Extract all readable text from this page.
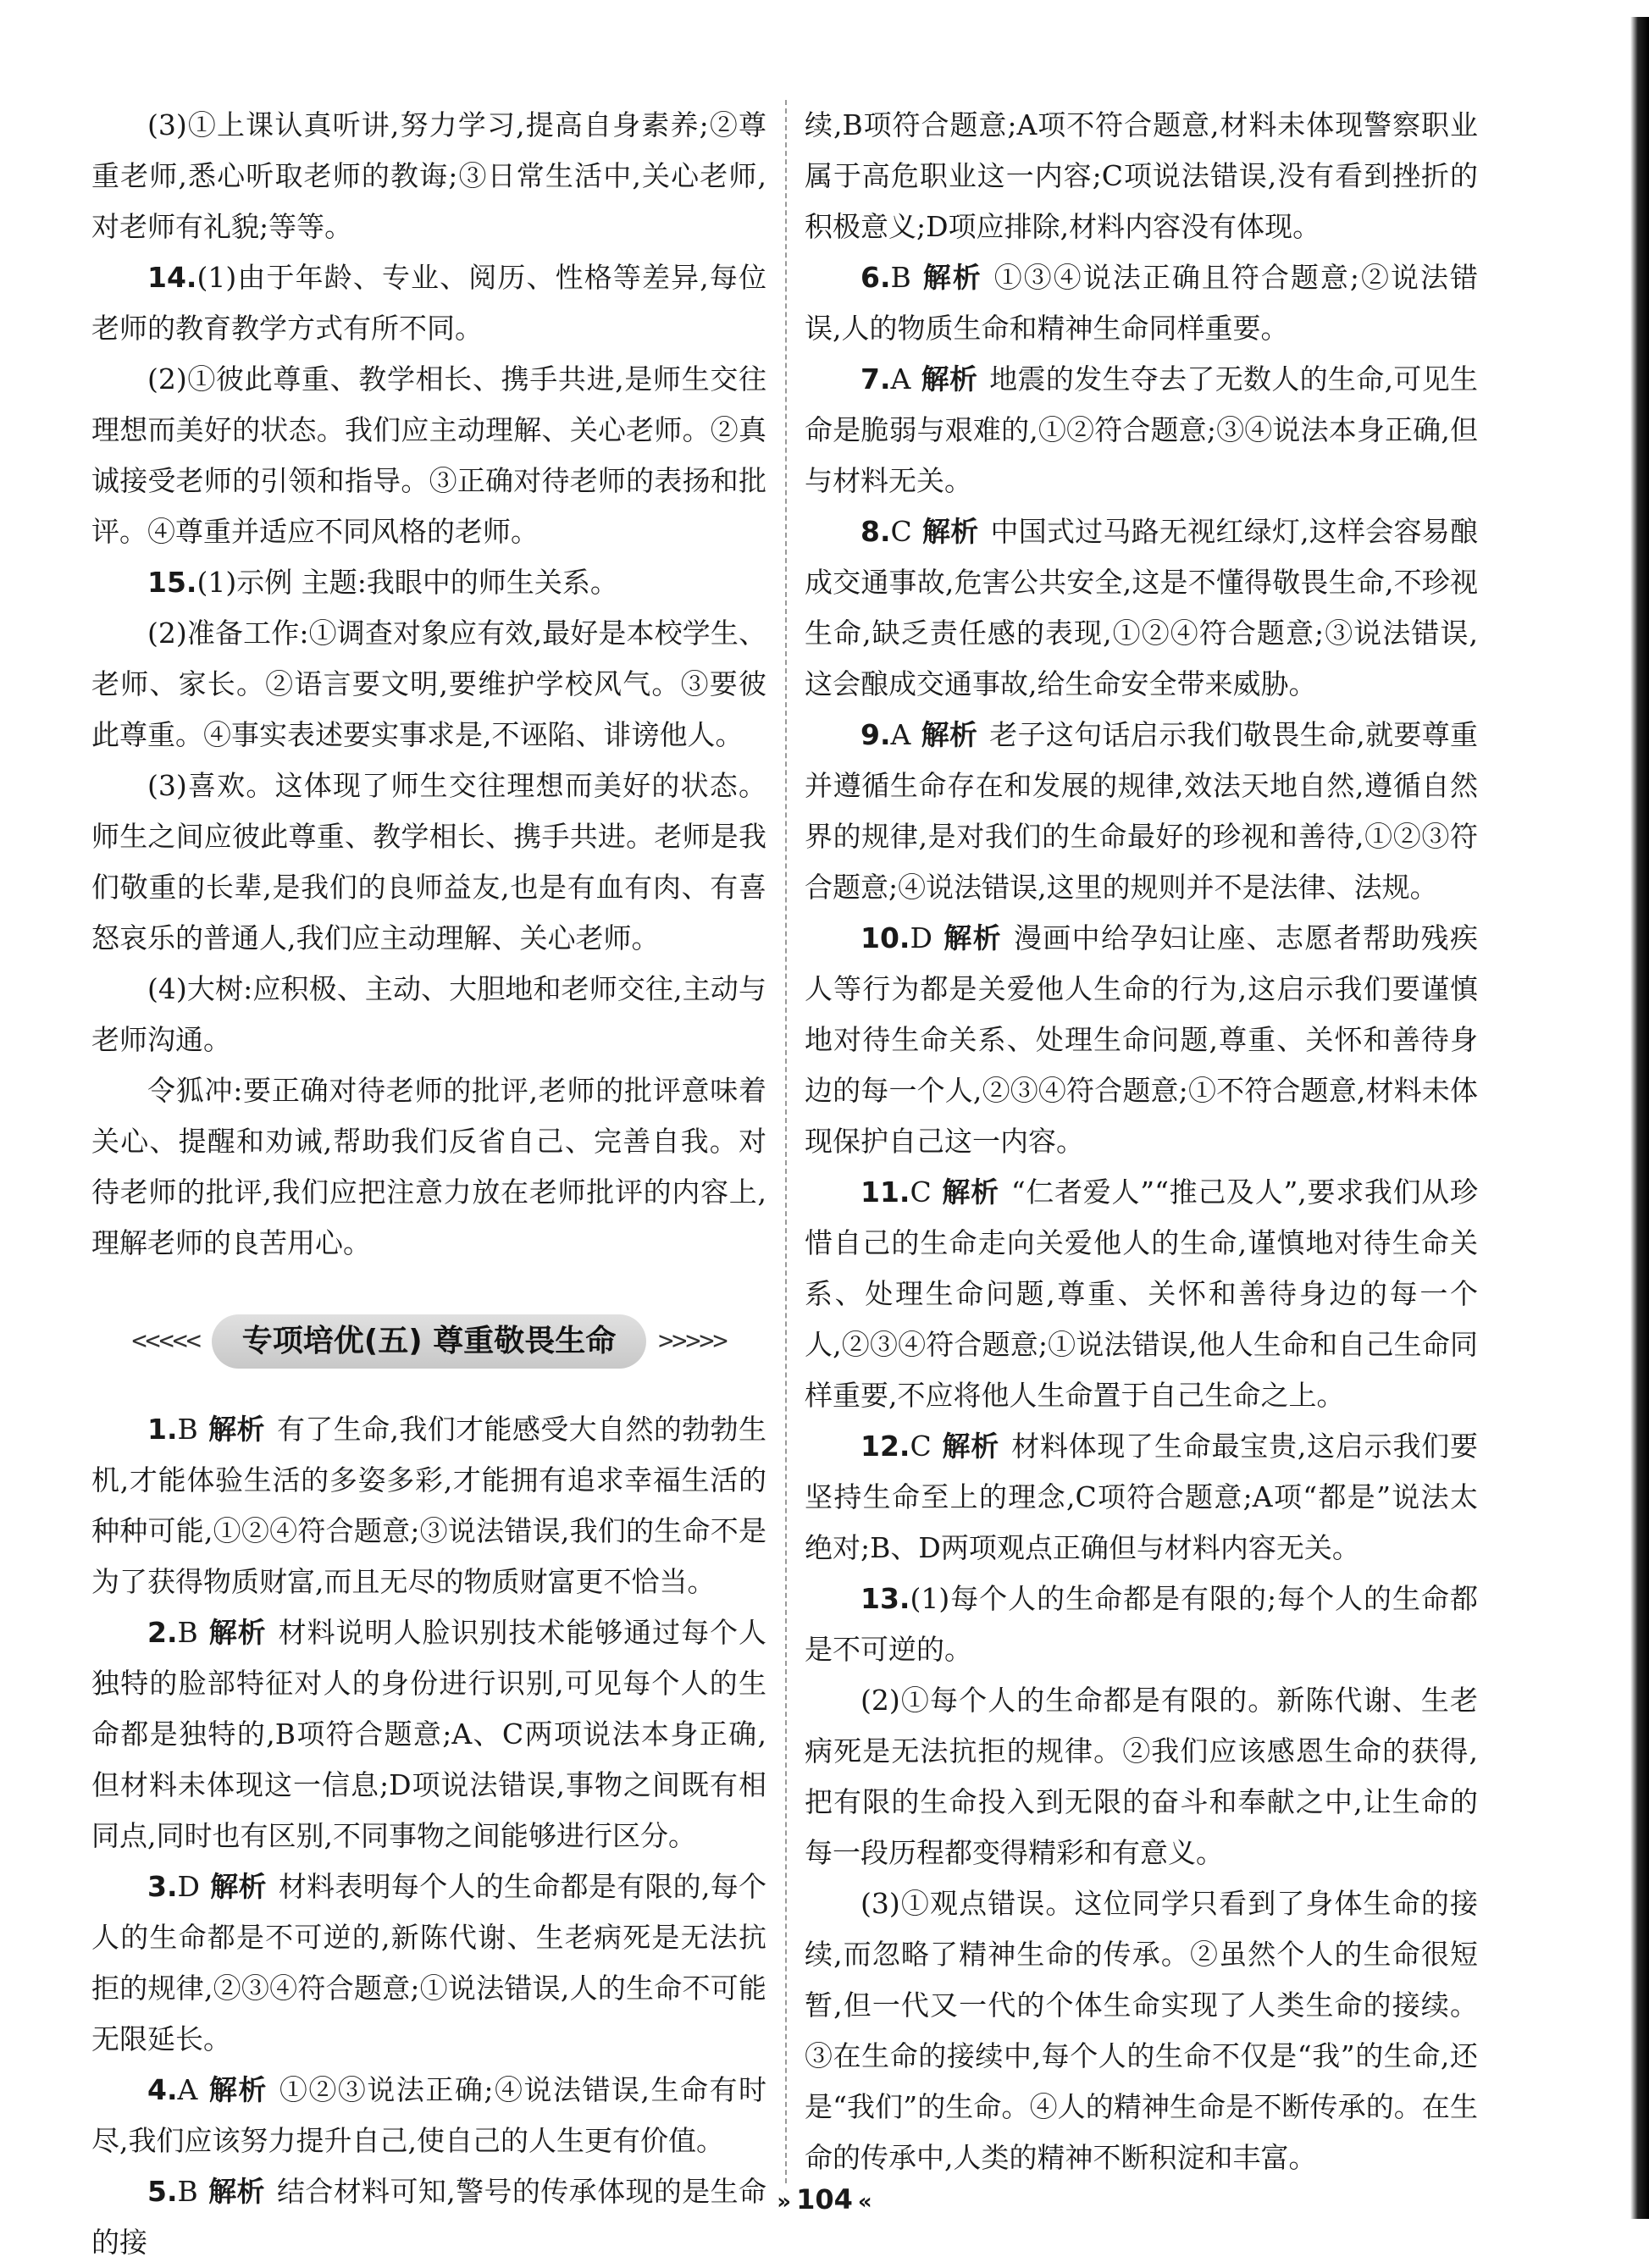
(3)①上课认真听讲,努力学习,提高自身素养;②尊重老师,悉心听取老师的教诲;③日常生活中,关心老师,对老师有礼貌;等等。

14.(1)由于年龄、专业、阅历、性格等差异,每位老师的教育教学方式有所不同。

(2)①彼此尊重、教学相长、携手共进,是师生交往理想而美好的状态。我们应主动理解、关心老师。②真诚接受老师的引领和指导。③正确对待老师的表扬和批评。④尊重并适应不同风格的老师。

15.(1)示例 主题:我眼中的师生关系。

(2)准备工作:①调查对象应有效,最好是本校学生、老师、家长。②语言要文明,要维护学校风气。③要彼此尊重。④事实表述要实事求是,不诬陷、诽谤他人。

(3)喜欢。这体现了师生交往理想而美好的状态。师生之间应彼此尊重、教学相长、携手共进。老师是我们敬重的长辈,是我们的良师益友,也是有血有肉、有喜怒哀乐的普通人,我们应主动理解、关心老师。

(4)大树:应积极、主动、大胆地和老师交往,主动与老师沟通。

令狐冲:要正确对待老师的批评,老师的批评意味着关心、提醒和劝诫,帮助我们反省自己、完善自我。对待老师的批评,我们应把注意力放在老师批评的内容上,理解老师的良苦用心。

<<<<<	专项培优(五) 尊重敬畏生命	>>>>>

1.B 解析 有了生命,我们才能感受大自然的勃勃生机,才能体验生活的多姿多彩,才能拥有追求幸福生活的种种可能,①②④符合题意;③说法错误,我们的生命不是为了获得物质财富,而且无尽的物质财富更不恰当。

2.B 解析 材料说明人脸识别技术能够通过每个人独特的脸部特征对人的身份进行识别,可见每个人的生命都是独特的,B项符合题意;A、C两项说法本身正确,但材料未体现这一信息;D项说法错误,事物之间既有相同点,同时也有区别,不同事物之间能够进行区分。

3.D 解析 材料表明每个人的生命都是有限的,每个人的生命都是不可逆的,新陈代谢、生老病死是无法抗拒的规律,②③④符合题意;①说法错误,人的生命不可能无限延长。

4.A 解析 ①②③说法正确;④说法错误,生命有时尽,我们应该努力提升自己,使自己的人生更有价值。

5.B 解析 结合材料可知,警号的传承体现的是生命的接

续,B项符合题意;A项不符合题意,材料未体现警察职业属于高危职业这一内容;C项说法错误,没有看到挫折的积极意义;D项应排除,材料内容没有体现。

6.B 解析 ①③④说法正确且符合题意;②说法错误,人的物质生命和精神生命同样重要。

7.A 解析 地震的发生夺去了无数人的生命,可见生命是脆弱与艰难的,①②符合题意;③④说法本身正确,但与材料无关。

8.C 解析 中国式过马路无视红绿灯,这样会容易酿成交通事故,危害公共安全,这是不懂得敬畏生命,不珍视生命,缺乏责任感的表现,①②④符合题意;③说法错误,这会酿成交通事故,给生命安全带来威胁。

9.A 解析 老子这句话启示我们敬畏生命,就要尊重并遵循生命存在和发展的规律,效法天地自然,遵循自然界的规律,是对我们的生命最好的珍视和善待,①②③符合题意;④说法错误,这里的规则并不是法律、法规。

10.D 解析 漫画中给孕妇让座、志愿者帮助残疾人等行为都是关爱他人生命的行为,这启示我们要谨慎地对待生命关系、处理生命问题,尊重、关怀和善待身边的每一个人,②③④符合题意;①不符合题意,材料未体现保护自己这一内容。

11.C 解析 “仁者爱人”“推己及人”,要求我们从珍惜自己的生命走向关爱他人的生命,谨慎地对待生命关系、处理生命问题,尊重、关怀和善待身边的每一个人,②③④符合题意;①说法错误,他人生命和自己生命同样重要,不应将他人生命置于自己生命之上。

12.C 解析 材料体现了生命最宝贵,这启示我们要坚持生命至上的理念,C项符合题意;A项“都是”说法太绝对;B、D两项观点正确但与材料内容无关。

13.(1)每个人的生命都是有限的;每个人的生命都是不可逆的。

(2)①每个人的生命都是有限的。新陈代谢、生老病死是无法抗拒的规律。②我们应该感恩生命的获得,把有限的生命投入到无限的奋斗和奉献之中,让生命的每一段历程都变得精彩和有意义。

(3)①观点错误。这位同学只看到了身体生命的接续,而忽略了精神生命的传承。②虽然个人的生命很短暂,但一代又一代的个体生命实现了人类生命的接续。③在生命的接续中,每个人的生命不仅是“我”的生命,还是“我们”的生命。④人的精神生命是不断传承的。在生命的传承中,人类的精神不断积淀和丰富。

» 104 «
